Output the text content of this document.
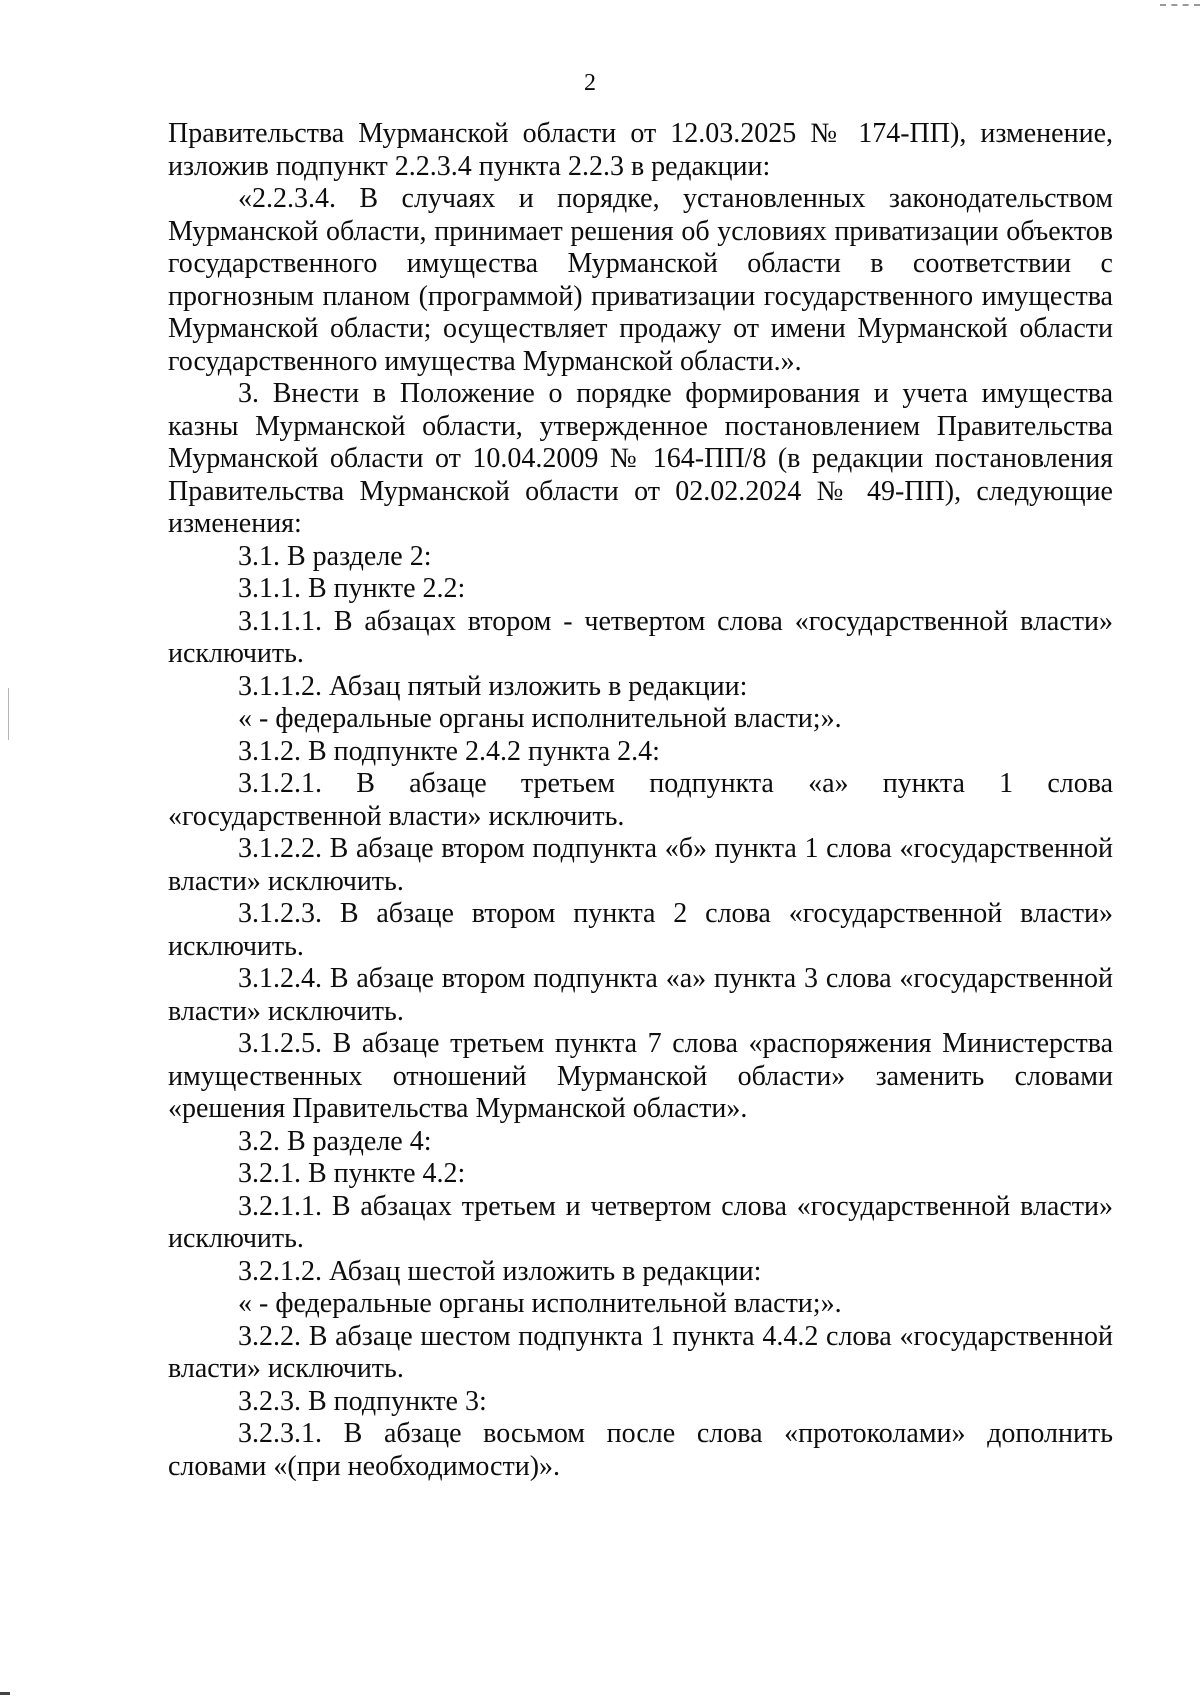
2

Правительства Мурманской области от 12.03.2025 № 174-ПП), изменение, изложив подпункт 2.2.3.4 пункта 2.2.3 в редакции:

«2.2.3.4. В случаях и порядке, установленных законодательством Мурманской области, принимает решения об условиях приватизации объектов государственного имущества Мурманской области в соответствии с прогнозным планом (программой) приватизации государственного имущества Мурманской области; осуществляет продажу от имени Мурманской области государственного имущества Мурманской области.».

3. Внести в Положение о порядке формирования и учета имущества казны Мурманской области, утвержденное постановлением Правительства Мурманской области от 10.04.2009 № 164-ПП/8 (в редакции постановления Правительства Мурманской области от 02.02.2024 № 49-ПП), следующие изменения:

3.1. В разделе 2:

3.1.1. В пункте 2.2:

3.1.1.1. В абзацах втором - четвертом слова «государственной власти» исключить.

3.1.1.2. Абзац пятый изложить в редакции:

« - федеральные органы исполнительной власти;».

3.1.2. В подпункте 2.4.2 пункта 2.4:

3.1.2.1. В абзаце третьем подпункта «а» пункта 1 слова «государственной власти» исключить.

3.1.2.2. В абзаце втором подпункта «б» пункта 1 слова «государственной власти» исключить.

3.1.2.3. В абзаце втором пункта 2 слова «государственной власти» исключить.

3.1.2.4. В абзаце втором подпункта «а» пункта 3 слова «государственной власти» исключить.

3.1.2.5. В абзаце третьем пункта 7 слова «распоряжения Министерства имущественных отношений Мурманской области» заменить словами «решения Правительства Мурманской области».

3.2. В разделе 4:

3.2.1. В пункте 4.2:

3.2.1.1. В абзацах третьем и четвертом слова «государственной власти» исключить.

3.2.1.2. Абзац шестой изложить в редакции:

« - федеральные органы исполнительной власти;».

3.2.2. В абзаце шестом подпункта 1 пункта 4.4.2 слова «государственной власти» исключить.

3.2.3. В подпункте 3:

3.2.3.1. В абзаце восьмом после слова «протоколами» дополнить словами «(при необходимости)».
